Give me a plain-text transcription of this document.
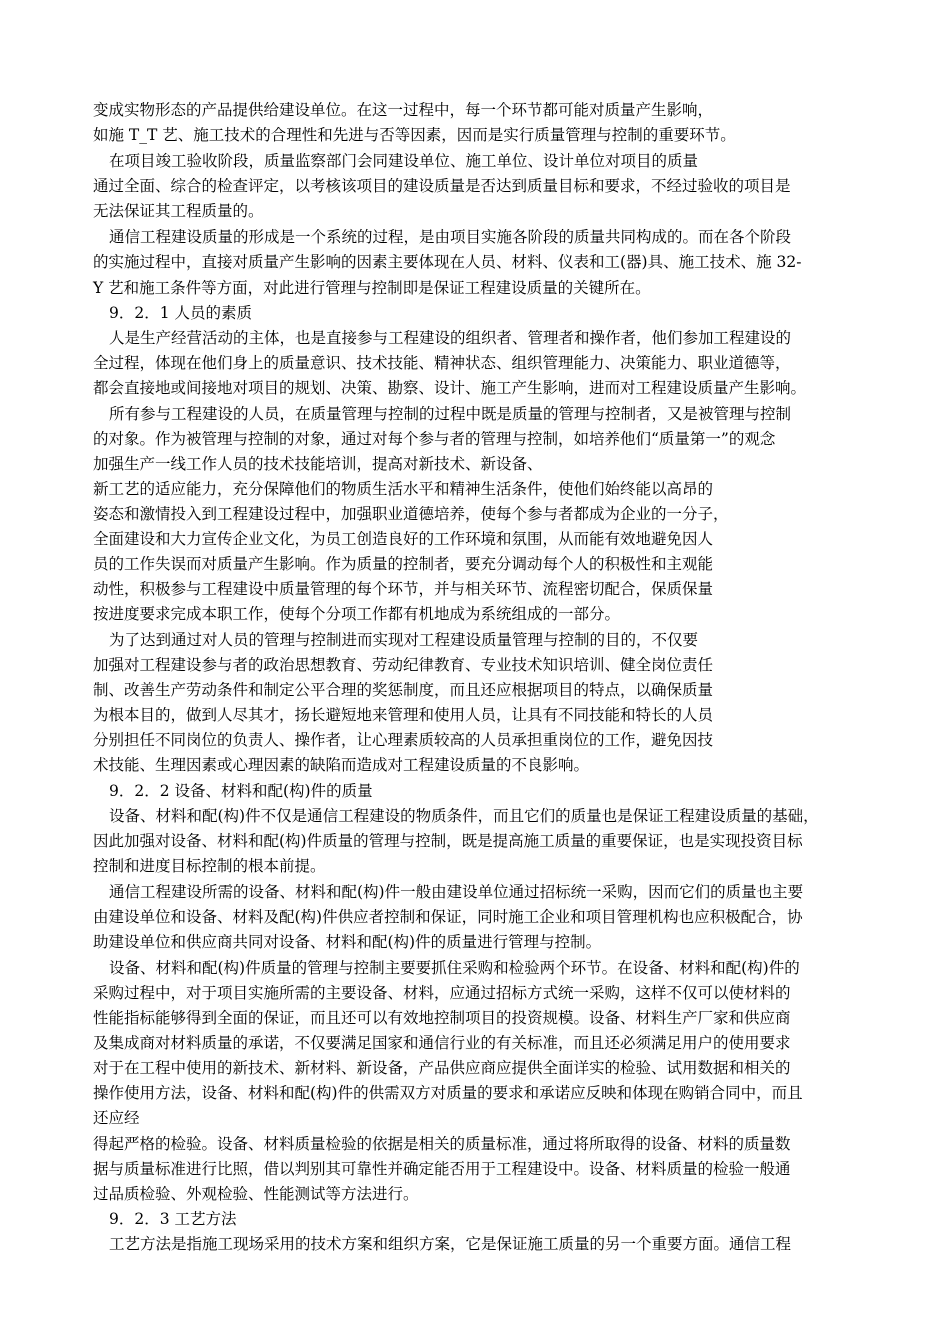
变成实物形态的产品提供给建设单位。在这一过程中，每一个环节都可能对质量产生影响，
如施 T_T 艺、施工技术的合理性和先进与否等因素，因而是实行质量管理与控制的重要环节。
在项目竣工验收阶段，质量监察部门会同建设单位、施工单位、设计单位对项目的质量
通过全面、综合的检查评定，以考核该项目的建设质量是否达到质量目标和要求，不经过验收的项目是
无法保证其工程质量的。
通信工程建设质量的形成是一个系统的过程，是由项目实施各阶段的质量共同构成的。而在各个阶段
的实施过程中，直接对质量产生影响的因素主要体现在人员、材料、仪表和工(器)具、施工技术、施 32-
Y 艺和施工条件等方面，对此进行管理与控制即是保证工程建设质量的关键所在。
9．2．1 人员的素质
人是生产经营活动的主体，也是直接参与工程建设的组织者、管理者和操作者，他们参加工程建设的
全过程，体现在他们身上的质量意识、技术技能、精神状态、组织管理能力、决策能力、职业道德等，
都会直接地或间接地对项目的规划、决策、勘察、设计、施工产生影响，进而对工程建设质量产生影响。
所有参与工程建设的人员，在质量管理与控制的过程中既是质量的管理与控制者，又是被管理与控制
的对象。作为被管理与控制的对象，通过对每个参与者的管理与控制，如培养他们“质量第一”的观念
加强生产一线工作人员的技术技能培训，提高对新技术、新设备、
新工艺的适应能力，充分保障他们的物质生活水平和精神生活条件，使他们始终能以高昂的
姿态和激情投入到工程建设过程中，加强职业道德培养，使每个参与者都成为企业的一分子，
全面建设和大力宣传企业文化，为员工创造良好的工作环境和氛围，从而能有效地避免因人
员的工作失误而对质量产生影响。作为质量的控制者，要充分调动每个人的积极性和主观能
动性，积极参与工程建设中质量管理的每个环节，并与相关环节、流程密切配合，保质保量
按进度要求完成本职工作，使每个分项工作都有机地成为系统组成的一部分。
为了达到通过对人员的管理与控制进而实现对工程建设质量管理与控制的目的，不仅要
加强对工程建设参与者的政治思想教育、劳动纪律教育、专业技术知识培训、健全岗位责任
制、改善生产劳动条件和制定公平合理的奖惩制度，而且还应根据项目的特点，以确保质量
为根本目的，做到人尽其才，扬长避短地来管理和使用人员，让具有不同技能和特长的人员
分别担任不同岗位的负责人、操作者，让心理素质较高的人员承担重岗位的工作，避免因技
术技能、生理因素或心理因素的缺陷而造成对工程建设质量的不良影响。
9．2．2 设备、材料和配(构)件的质量
设备、材料和配(构)件不仅是通信工程建设的物质条件，而且它们的质量也是保证工程建设质量的基础，
因此加强对设备、材料和配(构)件质量的管理与控制，既是提高施工质量的重要保证，也是实现投资目标
控制和进度目标控制的根本前提。
通信工程建设所需的设备、材料和配(构)件一般由建设单位通过招标统一采购，因而它们的质量也主要
由建设单位和设备、材料及配(构)件供应者控制和保证，同时施工企业和项目管理机构也应积极配合，协
助建设单位和供应商共同对设备、材料和配(构)件的质量进行管理与控制。
设备、材料和配(构)件质量的管理与控制主要要抓住采购和检验两个环节。在设备、材料和配(构)件的
采购过程中，对于项目实施所需的主要设备、材料，应通过招标方式统一采购，这样不仅可以使材料的
性能指标能够得到全面的保证，而且还可以有效地控制项目的投资规模。设备、材料生产厂家和供应商
及集成商对材料质量的承诺，不仅要满足国家和通信行业的有关标准，而且还必须满足用户的使用要求
对于在工程中使用的新技术、新材料、新设备，产品供应商应提供全面详实的检验、试用数据和相关的
操作使用方法，设备、材料和配(构)件的供需双方对质量的要求和承诺应反映和体现在购销合同中，而且
还应经
得起严格的检验。设备、材料质量检验的依据是相关的质量标准，通过将所取得的设备、材料的质量数
据与质量标准进行比照，借以判别其可靠性并确定能否用于工程建设中。设备、材料质量的检验一般通
过品质检验、外观检验、性能测试等方法进行。
9．2．3 工艺方法
工艺方法是指施工现场采用的技术方案和组织方案，它是保证施工质量的另一个重要方面。通信工程
